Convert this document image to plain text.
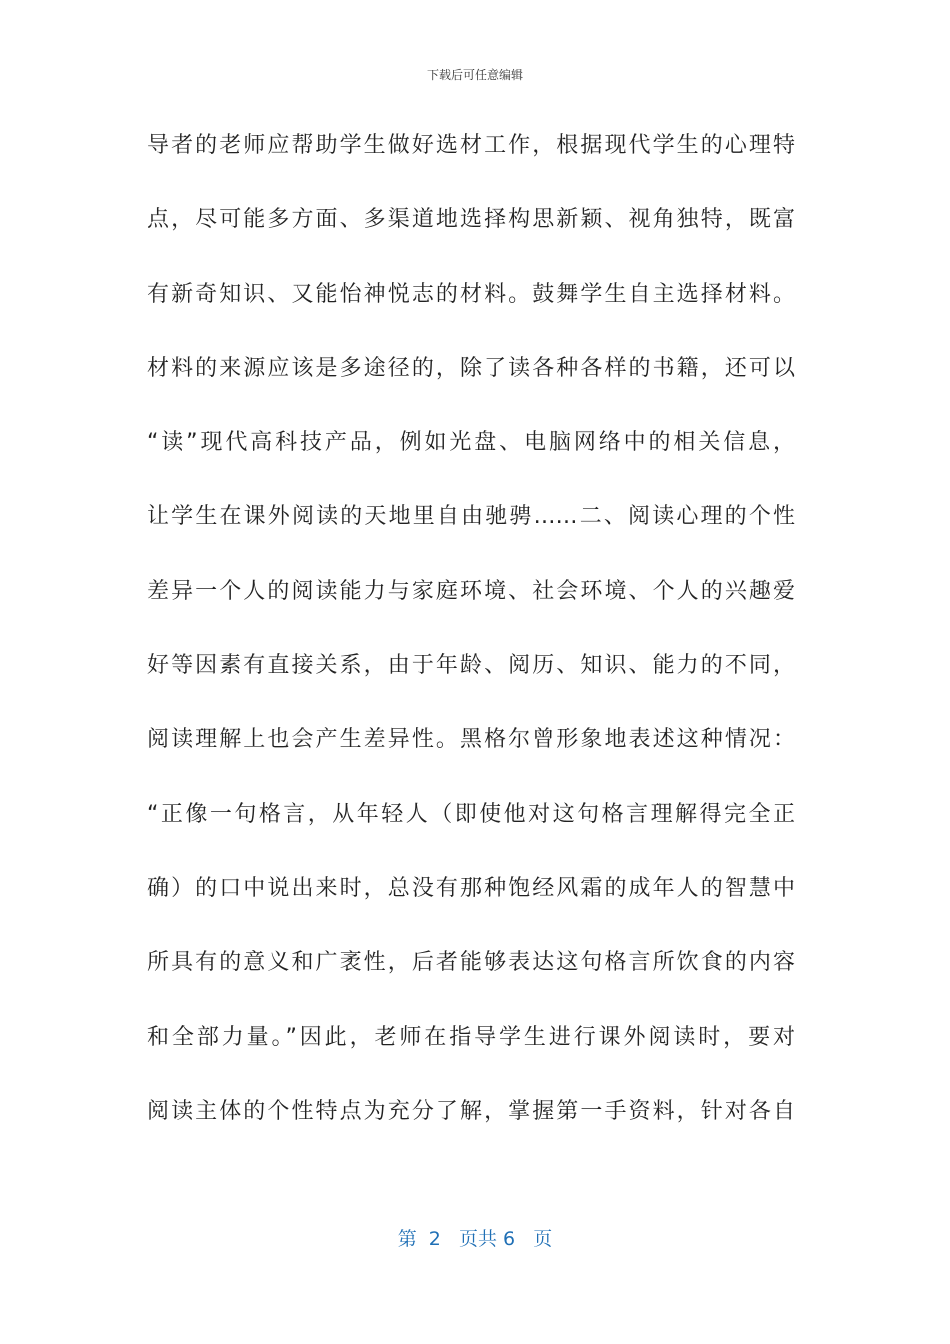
下载后可任意编辑
导者的老师应帮助学生做好选材工作，根据现代学生的心理特
点，尽可能多方面、多渠道地选择构思新颖、视角独特，既富
有新奇知识、又能怡神悦志的材料。鼓舞学生自主选择材料。
材料的来源应该是多途径的，除了读各种各样的书籍，还可以
“读”现代高科技产品，例如光盘、电脑网络中的相关信息，
让学生在课外阅读的天地里自由驰骋……二、阅读心理的个性
差异一个人的阅读能力与家庭环境、社会环境、个人的兴趣爱
好等因素有直接关系，由于年龄、阅历、知识、能力的不同，
阅读理解上也会产生差异性。黑格尔曾形象地表述这种情况：
“正像一句格言，从年轻人（即使他对这句格言理解得完全正
确）的口中说出来时，总没有那种饱经风霜的成年人的智慧中
所具有的意义和广袤性，后者能够表达这句格言所饮食的内容
和全部力量。”因此，老师在指导学生进行课外阅读时，要对
阅读主体的个性特点为充分了解，掌握第一手资料，针对各自
第  2   页共 6   页
